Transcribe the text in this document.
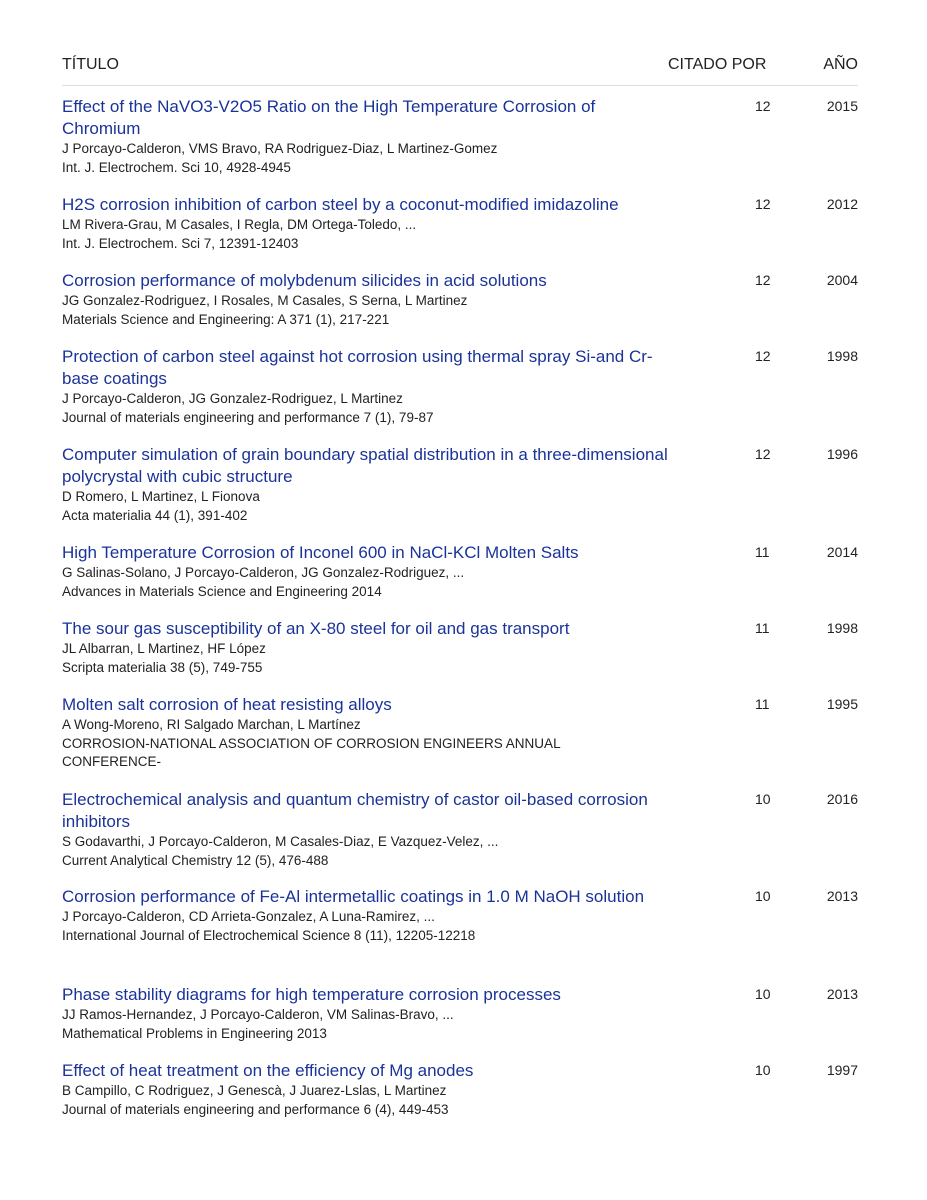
TÍTULO	CITADO POR	AÑO
Effect of the NaVO3-V2O5 Ratio on the High Temperature Corrosion of Chromium
J Porcayo-Calderon, VMS Bravo, RA Rodriguez-Diaz, L Martinez-Gomez
Int. J. Electrochem. Sci 10, 4928-4945
12	2015
H2S corrosion inhibition of carbon steel by a coconut-modified imidazoline
LM Rivera-Grau, M Casales, I Regla, DM Ortega-Toledo, ...
Int. J. Electrochem. Sci 7, 12391-12403
12	2012
Corrosion performance of molybdenum silicides in acid solutions
JG Gonzalez-Rodriguez, I Rosales, M Casales, S Serna, L Martinez
Materials Science and Engineering: A 371 (1), 217-221
12	2004
Protection of carbon steel against hot corrosion using thermal spray Si-and Cr-base coatings
J Porcayo-Calderon, JG Gonzalez-Rodriguez, L Martinez
Journal of materials engineering and performance 7 (1), 79-87
12	1998
Computer simulation of grain boundary spatial distribution in a three-dimensional polycrystal with cubic structure
D Romero, L Martinez, L Fionova
Acta materialia 44 (1), 391-402
12	1996
High Temperature Corrosion of Inconel 600 in NaCl-KCl Molten Salts
G Salinas-Solano, J Porcayo-Calderon, JG Gonzalez-Rodriguez, ...
Advances in Materials Science and Engineering 2014
11	2014
The sour gas susceptibility of an X-80 steel for oil and gas transport
JL Albarran, L Martinez, HF López
Scripta materialia 38 (5), 749-755
11	1998
Molten salt corrosion of heat resisting alloys
A Wong-Moreno, RI Salgado Marchan, L Martínez
CORROSION-NATIONAL ASSOCIATION OF CORROSION ENGINEERS ANNUAL CONFERENCE-
11	1995
Electrochemical analysis and quantum chemistry of castor oil-based corrosion inhibitors
S Godavarthi, J Porcayo-Calderon, M Casales-Diaz, E Vazquez-Velez, ...
Current Analytical Chemistry 12 (5), 476-488
10	2016
Corrosion performance of Fe-Al intermetallic coatings in 1.0 M NaOH solution
J Porcayo-Calderon, CD Arrieta-Gonzalez, A Luna-Ramirez, ...
International Journal of Electrochemical Science 8 (11), 12205-12218
10	2013
Phase stability diagrams for high temperature corrosion processes
JJ Ramos-Hernandez, J Porcayo-Calderon, VM Salinas-Bravo, ...
Mathematical Problems in Engineering 2013
10	2013
Effect of heat treatment on the efficiency of Mg anodes
B Campillo, C Rodriguez, J Genescà, J Juarez-Lslas, L Martinez
Journal of materials engineering and performance 6 (4), 449-453
10	1997
